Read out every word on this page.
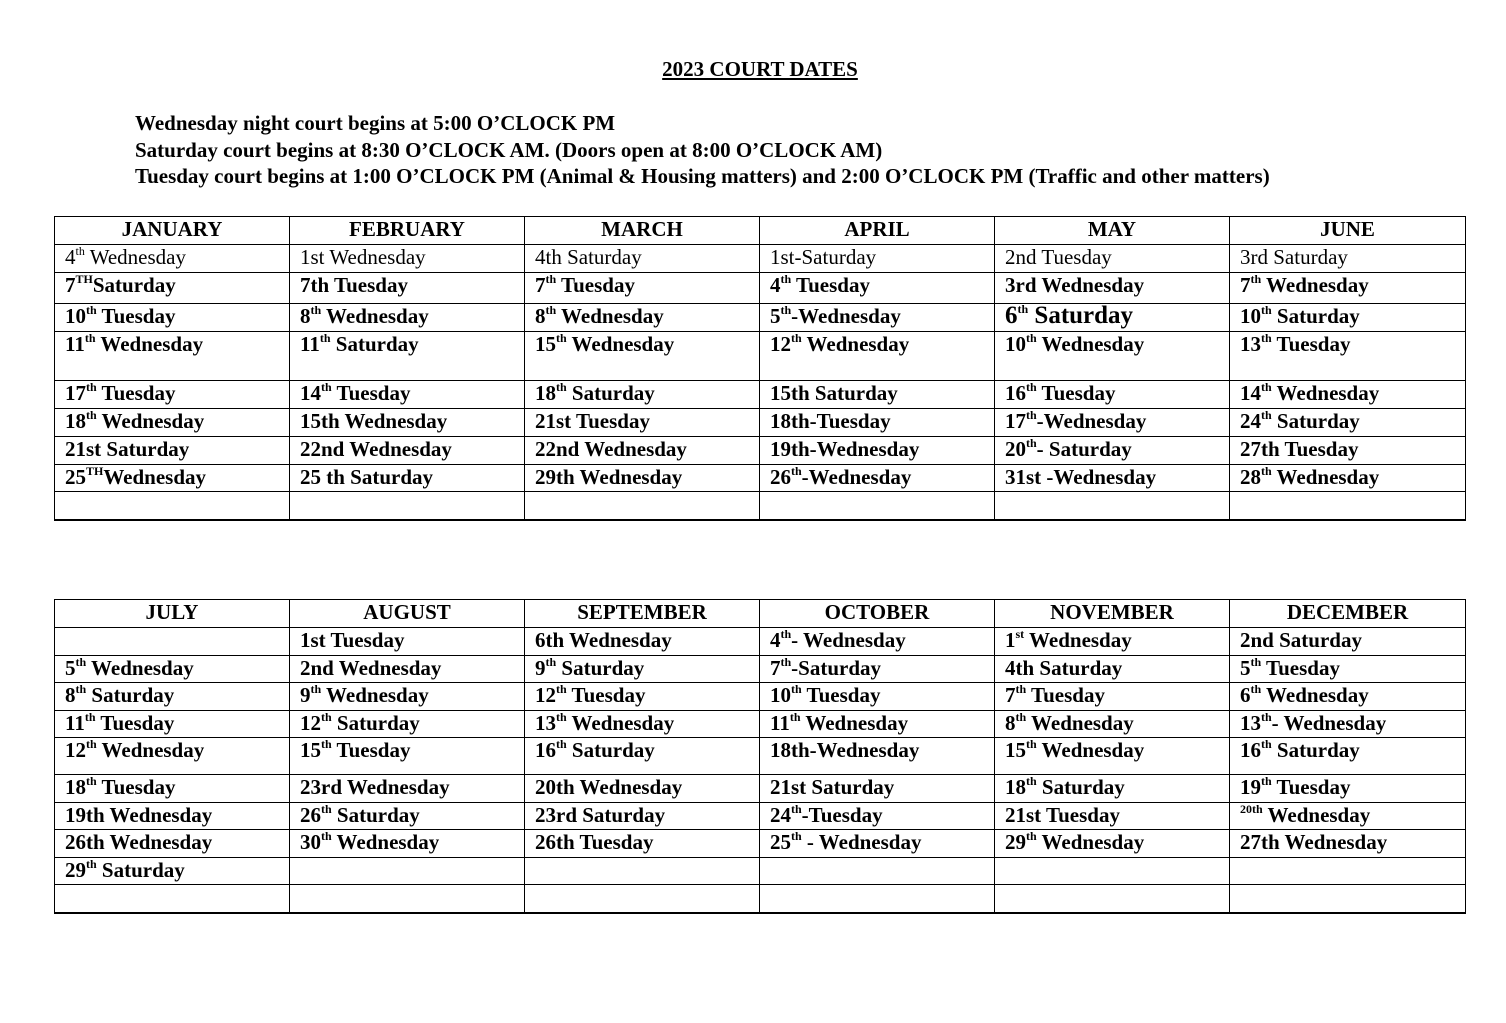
2023 COURT DATES
Wednesday night court begins at 5:00 O’CLOCK PM
Saturday court begins at 8:30 O’CLOCK AM. (Doors open at 8:00 O’CLOCK AM)
Tuesday court begins at 1:00 O’CLOCK PM (Animal & Housing matters) and 2:00 O’CLOCK PM (Traffic and other matters)
JANUARY	FEBRUARY	MARCH	APRIL	MAY	JUNE
4th Wednesday	1st Wednesday	4th Saturday	1st-Saturday	2nd Tuesday	3rd Saturday
7THSaturday	7th Tuesday	7th Tuesday	4th Tuesday	3rd Wednesday	7th Wednesday
10th Tuesday	8th Wednesday	8th Wednesday	5th-Wednesday	6th Saturday	10th Saturday
11th Wednesday	11th Saturday	15th Wednesday	12th Wednesday	10th Wednesday	13th Tuesday
17th Tuesday	14th Tuesday	18th Saturday	15th Saturday	16th Tuesday	14th Wednesday
18th Wednesday	15th Wednesday	21st Tuesday	18th-Tuesday	17th-Wednesday	24th Saturday
21st Saturday	22nd Wednesday	22nd Wednesday	19th-Wednesday	20th- Saturday	27th Tuesday
25THWednesday	25 th Saturday	29th Wednesday	26th-Wednesday	31st -Wednesday	28th Wednesday

JULY	AUGUST	SEPTEMBER	OCTOBER	NOVEMBER	DECEMBER
	1st Tuesday	6th Wednesday	4th- Wednesday	1st Wednesday	2nd Saturday
5th Wednesday	2nd Wednesday	9th Saturday	7th-Saturday	4th Saturday	5th Tuesday
8th Saturday	9th Wednesday	12th Tuesday	10th Tuesday	7th Tuesday	6th Wednesday
11th Tuesday	12th Saturday	13th Wednesday	11th Wednesday	8th Wednesday	13th- Wednesday
12th Wednesday	15th Tuesday	16th Saturday	18th-Wednesday	15th Wednesday	16th Saturday
18th Tuesday	23rd Wednesday	20th Wednesday	21st Saturday	18th Saturday	19th Tuesday
19th Wednesday	26th Saturday	23rd Saturday	24th-Tuesday	21st Tuesday	$^{20th}$ Wednesday
26th Wednesday	30th Wednesday	26th Tuesday	25th - Wednesday	29th Wednesday	27th Wednesday
29th Saturday					
